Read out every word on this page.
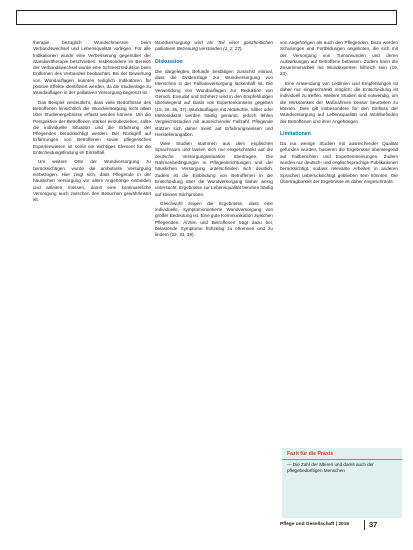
therapie bezüglich Wundschmerzen beim Verbandswechsel und Lebensqualität vorlegen. Für alle Indikationen wurde eine Verbesserung gegenüber der Standardtherapie beschrieben. Insbesondere im Bereich der Verbandswechsel wurde eine Schmerzreduktion beim Entfernen des Verbandes beobachtet. Bei der Bewertung von Wundauflagen konnten lediglich Indikatoren für positive Effekte identifiziert werden, da die Studienlage zu Wundauflagen in der palliativen Versorgung begrenzt ist.

Das Beispiel verdeutlicht, dass viele Bedürfnisse des Betroffenen hinsichtlich der Wundversorgung nicht allein über Studienergebnisse erfasst werden können. Um die Perspektive der Betroffenen stärker einzubeziehen, sollte die individuelle Situation und die Erfahrung der Pflegenden berücksichtigt werden. Der Rückgriff auf Erfahrungen von Betroffenen sowie pflegerisches Expertenwissen ist somit ein wichtiges Element für die Entscheidungsfindung im Einzelfall.

Um weitere Orte der Wundversorgung zu berücksichtigen, wurde die ambulante Versorgung einbezogen. Hier zeigt sich, dass Pflegende in der häuslichen Versorgung vor allem Angehörige einbinden und anleiten müssen, damit eine kontinuierliche Versorgung auch zwischen den Besuchen gewährleistet ist.

Wundversorgung wird als Teil einer ganzheitlichen palliativen Betreuung verstanden (1, 2, 27).

Diskussion

Die dargelegten Befunde bestätigen zunächst einmal, dass die Evidenzlage zur Wundversorgung von Menschen in der Palliativversorgung lückenhaft ist. Die Verwendung von Wundauflagen zur Reduktion von Geruch, Exsudat und Schmerz wird in den Empfehlungen überwiegend auf Basis von Expertenkonsens gegeben (15, 29, 36, 37). Wundauflagen mit Aktivkohle, Silber oder Metronidazol werden häufig genannt, jedoch fehlen Vergleichsstudien mit ausreichender Fallzahl. Pflegende stützen sich daher meist auf Erfahrungswissen und Herstellerangaben.

Viele Studien stammen aus dem englischen Sprachraum und lassen sich nur eingeschränkt auf die deutsche Versorgungssituation übertragen. Die Rahmenbedingungen in Pflegeeinrichtungen und der häuslichen Versorgung unterscheiden sich deutlich. Zudem ist die Einbindung von Betroffenen in die Entscheidung über die Wundversorgung bisher wenig untersucht. Ergebnisse zur Lebensqualität beruhen häufig auf kleinen Stichproben.

Gleichwohl zeigen die Ergebnisse, dass eine individuelle, symptomorientierte Wundversorgung von großer Bedeutung ist. Eine gute Kommunikation zwischen Pflegenden, Ärzten und Betroffenen trägt dazu bei, belastende Symptome frühzeitig zu erkennen und zu lindern (22, 31, 38).

von Angehörigen als auch den Pflegenden. Dazu werden Schulungen und Fortbildungen angeboten, die sich mit der Versorgung von Tumorwunden und deren Auswirkungen auf Betroffene befassen. Zudem kann die Zusammenarbeit mit Wundexperten hilfreich sein (19, 23).

Eine Anwendung von Leitlinien und Empfehlungen ist daher nur eingeschränkt möglich; die Entscheidung ist individuell zu treffen. Weitere Studien sind notwendig, um die Wirksamkeit der Maßnahmen besser beurteilen zu können. Dies gilt insbesondere für den Einfluss der Wundversorgung auf Lebensqualität und Wohlbefinden der Betroffenen und ihrer Angehörigen.

Limitationen

Da nur wenige Studien mit ausreichender Qualität gefunden wurden, basieren die Ergebnisse überwiegend auf Fallberichten und Expertenmeinungen. Zudem wurden nur deutsch- und englischsprachige Publikationen berücksichtigt, sodass relevante Arbeiten in anderen Sprachen unberücksichtigt geblieben sein könnten. Die Übertragbarkeit der Ergebnisse ist daher eingeschränkt.

Fazit für die Praxis
— Die Zahl der älteren und damit auch der pflegebedürftigen Menschen
Pflege und Gesellschaft | 2015	37
